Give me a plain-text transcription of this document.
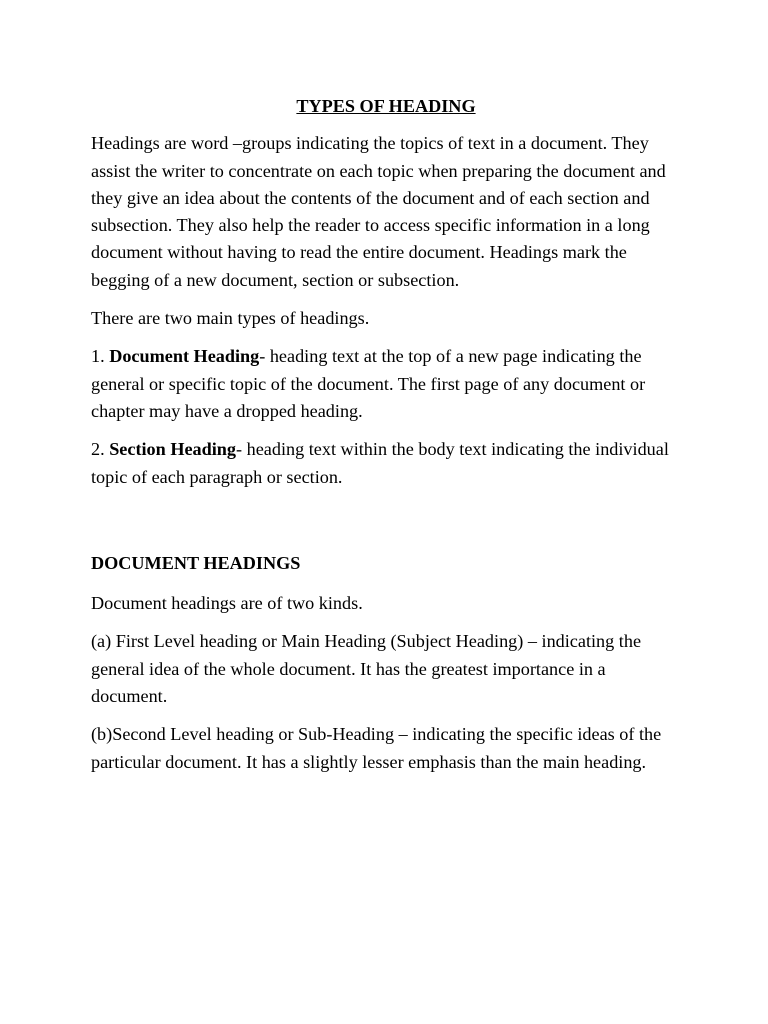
TYPES OF HEADING

Headings are word –groups indicating the topics of text in a document. They assist the writer to concentrate on each topic when preparing the document and they give an idea about the contents of the document and of each section and subsection. They also help the reader to access specific information in a long document without having to read the entire document. Headings mark the begging of a new document, section or subsection.

There are two main types of headings.

1. Document Heading- heading text at the top of a new page indicating the general or specific topic of the document. The first page of any document or chapter may have a dropped heading.

2. Section Heading- heading text within the body text indicating the individual topic of each paragraph or section.

DOCUMENT HEADINGS

Document headings are of two kinds.

(a) First Level heading or Main Heading (Subject Heading) – indicating the general idea of the whole document. It has the greatest importance in a document.

(b)Second Level heading or Sub-Heading – indicating the specific ideas of the particular document. It has a slightly lesser emphasis than the main heading.
